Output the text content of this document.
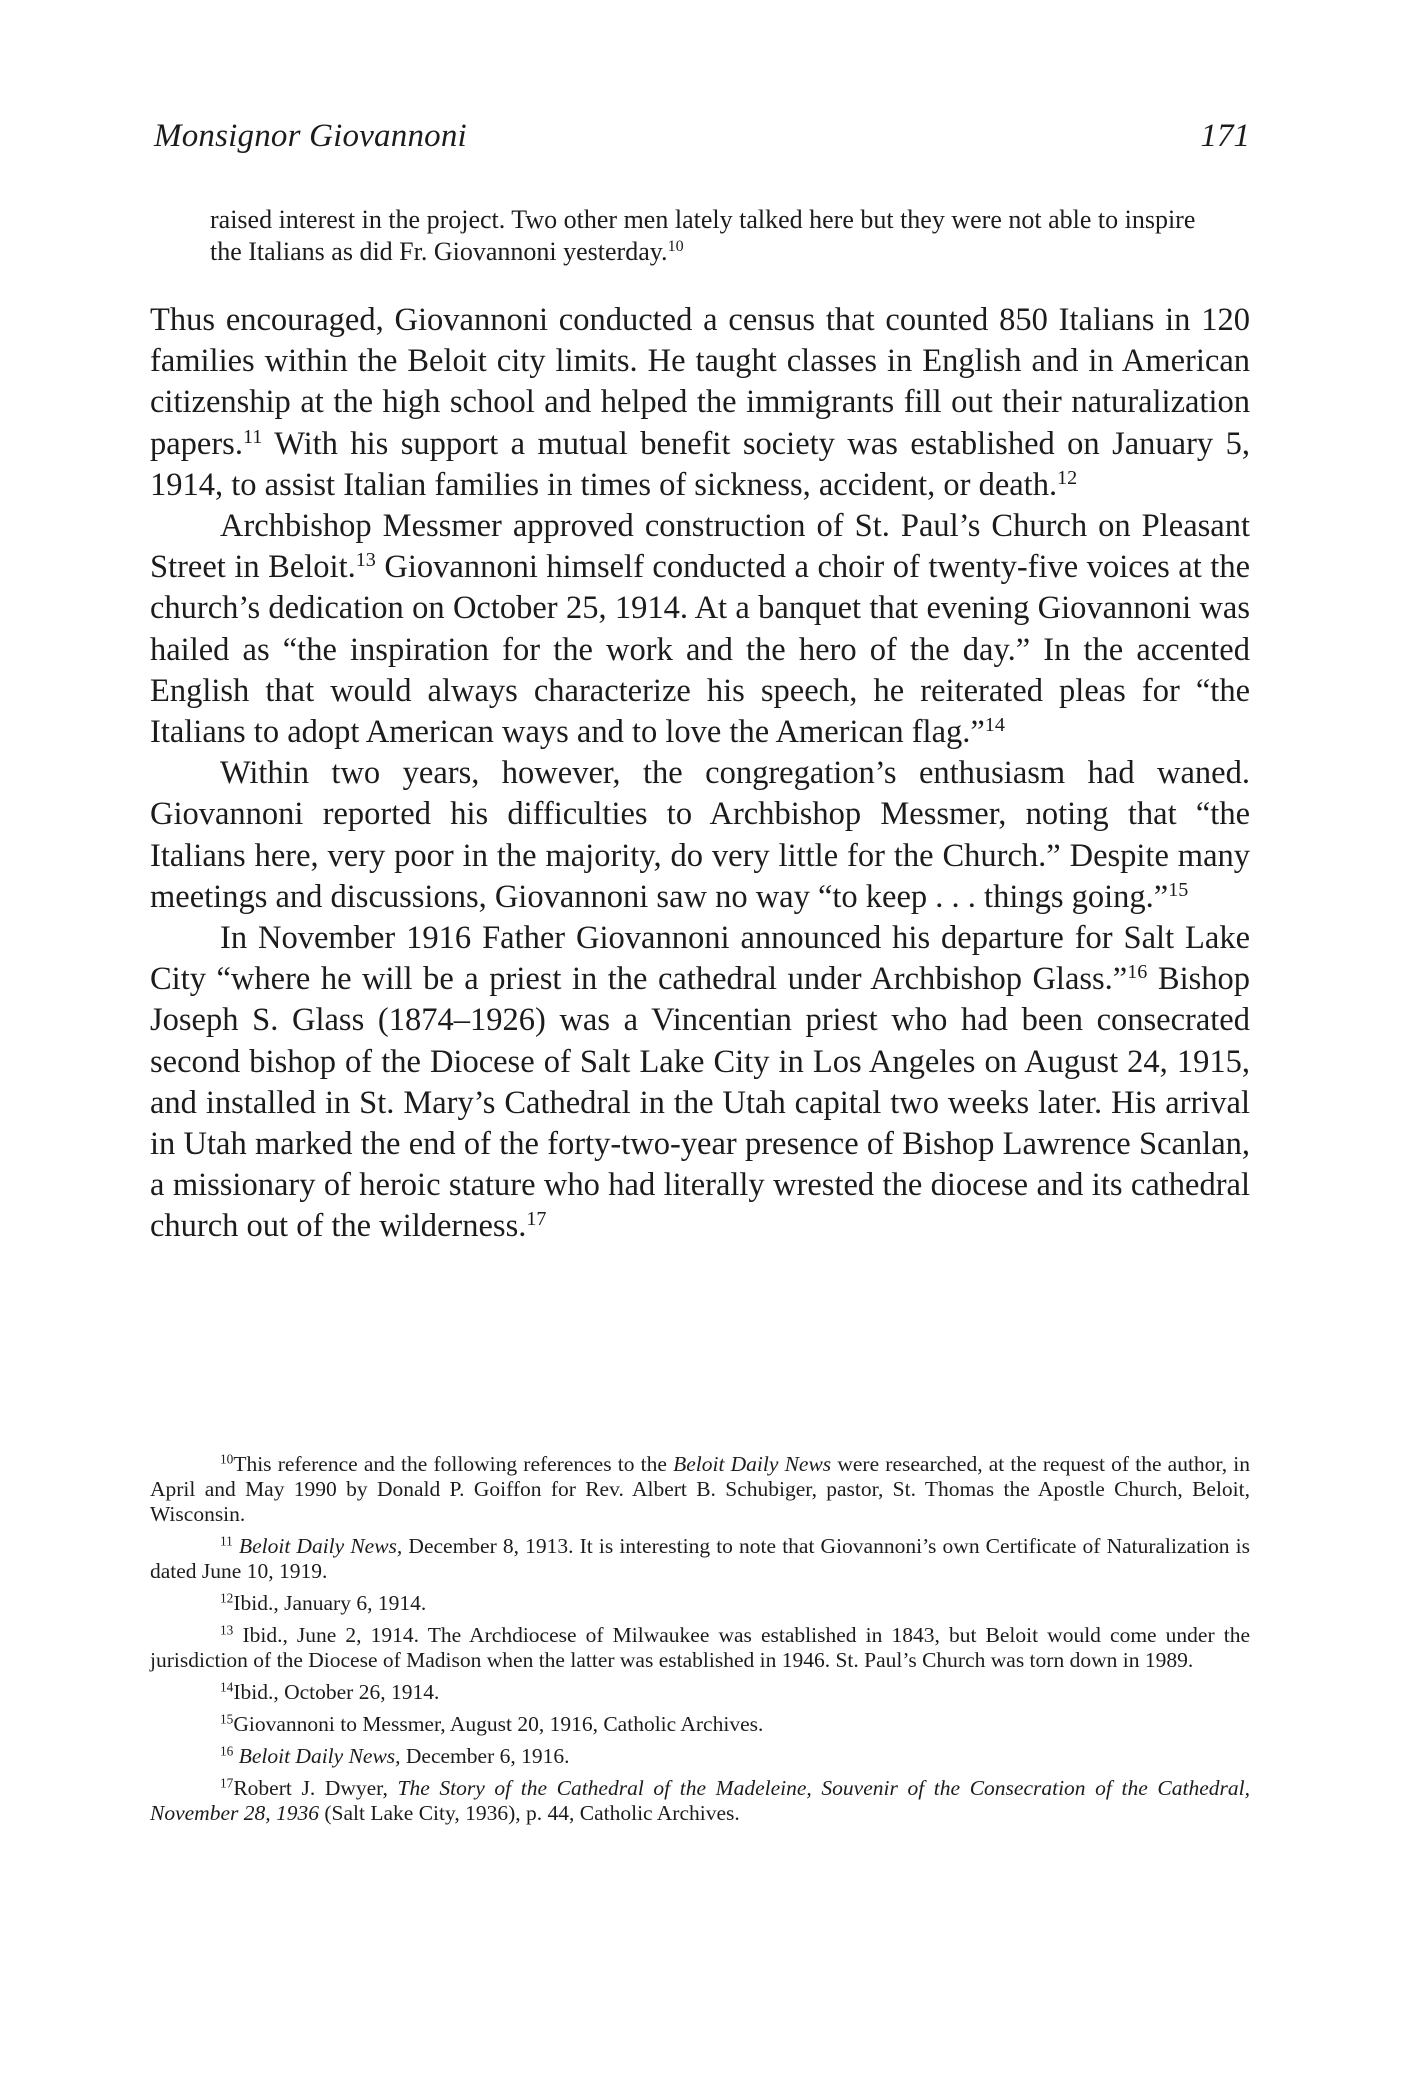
Monsignor Giovannoni	171

raised interest in the project. Two other men lately talked here but they were not able to inspire the Italians as did Fr. Giovannoni yesterday.$^{10}$

Thus encouraged, Giovannoni conducted a census that counted 850 Italians in 120 families within the Beloit city limits. He taught classes in English and in American citizenship at the high school and helped the immigrants fill out their naturalization papers.$^{11}$ With his support a mutual benefit society was established on January 5, 1914, to assist Italian families in times of sickness, accident, or death.$^{12}$

Archbishop Messmer approved construction of St. Paul’s Church on Pleasant Street in Beloit.$^{13}$ Giovannoni himself conducted a choir of twenty-five voices at the church’s dedication on October 25, 1914. At a banquet that evening Giovannoni was hailed as “the inspiration for the work and the hero of the day.” In the accented English that would always characterize his speech, he reiterated pleas for “the Italians to adopt American ways and to love the American flag.”$^{14}$

Within two years, however, the congregation’s enthusiasm had waned. Giovannoni reported his difficulties to Archbishop Messmer, noting that “the Italians here, very poor in the majority, do very little for the Church.” Despite many meetings and discussions, Giovannoni saw no way “to keep . . . things going.”$^{15}$

In November 1916 Father Giovannoni announced his departure for Salt Lake City “where he will be a priest in the cathedral under Archbishop Glass.”$^{16}$ Bishop Joseph S. Glass (1874–1926) was a Vincentian priest who had been consecrated second bishop of the Diocese of Salt Lake City in Los Angeles on August 24, 1915, and installed in St. Mary’s Cathedral in the Utah capital two weeks later. His arrival in Utah marked the end of the forty-two-year presence of Bishop Lawrence Scanlan, a missionary of heroic stature who had literally wrested the diocese and its cathedral church out of the wilderness.$^{17}$

$^{10}$This reference and the following references to the Beloit Daily News were researched, at the request of the author, in April and May 1990 by Donald P. Goiffon for Rev. Albert B. Schubiger, pastor, St. Thomas the Apostle Church, Beloit, Wisconsin.

$^{11}$ Beloit Daily News, December 8, 1913. It is interesting to note that Giovannoni’s own Certificate of Naturalization is dated June 10, 1919.

$^{12}$Ibid., January 6, 1914.

$^{13}$ Ibid., June 2, 1914. The Archdiocese of Milwaukee was established in 1843, but Beloit would come under the jurisdiction of the Diocese of Madison when the latter was established in 1946. St. Paul’s Church was torn down in 1989.

$^{14}$Ibid., October 26, 1914.

$^{15}$Giovannoni to Messmer, August 20, 1916, Catholic Archives.

$^{16}$ Beloit Daily News, December 6, 1916.

$^{17}$Robert J. Dwyer, The Story of the Cathedral of the Madeleine, Souvenir of the Consecration of the Cathedral, November 28, 1936 (Salt Lake City, 1936), p. 44, Catholic Archives.
